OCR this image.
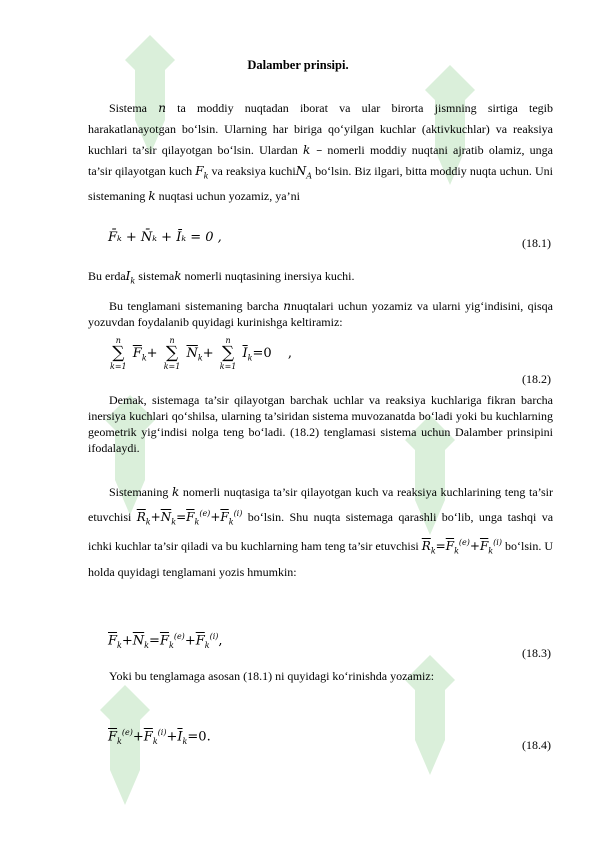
Dalamber prinsipi.

Sistema n ta moddiy nuqtadan iborat va ular birorta jismning sirtiga tegib harakatlanayotgan bo‘lsin. Ularning har biriga qo‘yilgan kuchlar (aktivkuchlar) va reaksiya kuchlari ta’sir qilayotgan bo‘lsin. Ulardan k – nomerli moddiy nuqtani ajratib olamiz, unga ta’sir qilayotgan kuch $F_k$ va reaksiya kuchiN$_A$ bo‘lsin. Biz ilgari, bitta moddiy nuqta uchun. Uni sistemaning k nuqtasi uchun yozamiz, ya’ni

F̄ₖ + N̄ₖ + Īₖ = 0 ,	(18.1)

Bu erdaI$_k$ sistemak nomerli nuqtasining inersiya kuchi.

Bu tenglamani sistemaning barcha nnuqtalari uchun yozamiz va ularni yig‘indisini, qisqa yozuvdan foydalanib quyidagi kurinishga keltiramiz:

n
∑
k=1
$\overline{F}_k+$
n
∑
k=1
$\overline{N}_k+$
n
∑
k=1
$\overline{I}_k=0$ ,
(18.2)

Demak, sistemaga ta’sir qilayotgan barchak uchlar va reaksiya kuchlariga fikran barcha inersiya kuchlari qo‘shilsa, ularning ta’siridan sistema muvozanatda bo‘ladi yoki bu kuchlarning geometrik yig‘indisi nolga teng bo‘ladi. (18.2) tenglamasi sistema uchun Dalamber prinsipini ifodalaydi.

Sistemaning k nomerli nuqtasiga ta’sir qilayotgan kuch va reaksiya kuchlarining teng ta’sir etuvchisi $\overline{R}_k+\overline{N}_k=\overline{F}_k^{(e)}+\overline{F}_k^{(i)}$ bo‘lsin. Shu nuqta sistemaga qarashli bo‘lib, unga tashqi va ichki kuchlar ta’sir qiladi va bu kuchlarning ham teng ta’sir etuvchisi $\overline{R}_k=\overline{F}_k^{(e)}+\overline{F}_k^{(i)}$ bo‘lsin. U holda quyidagi tenglamani yozis hmumkin:

$\overline{F}_k+\overline{N}_k=\overline{F}_k^{(e)}+\overline{F}_k^{(i)}$,
(18.3)

Yoki bu tenglamaga asosan (18.1) ni quyidagi ko‘rinishda yozamiz:

$\overline{F}_k^{(e)}+\overline{F}_k^{(i)}+\overline{I}_k=0$.
(18.4)
